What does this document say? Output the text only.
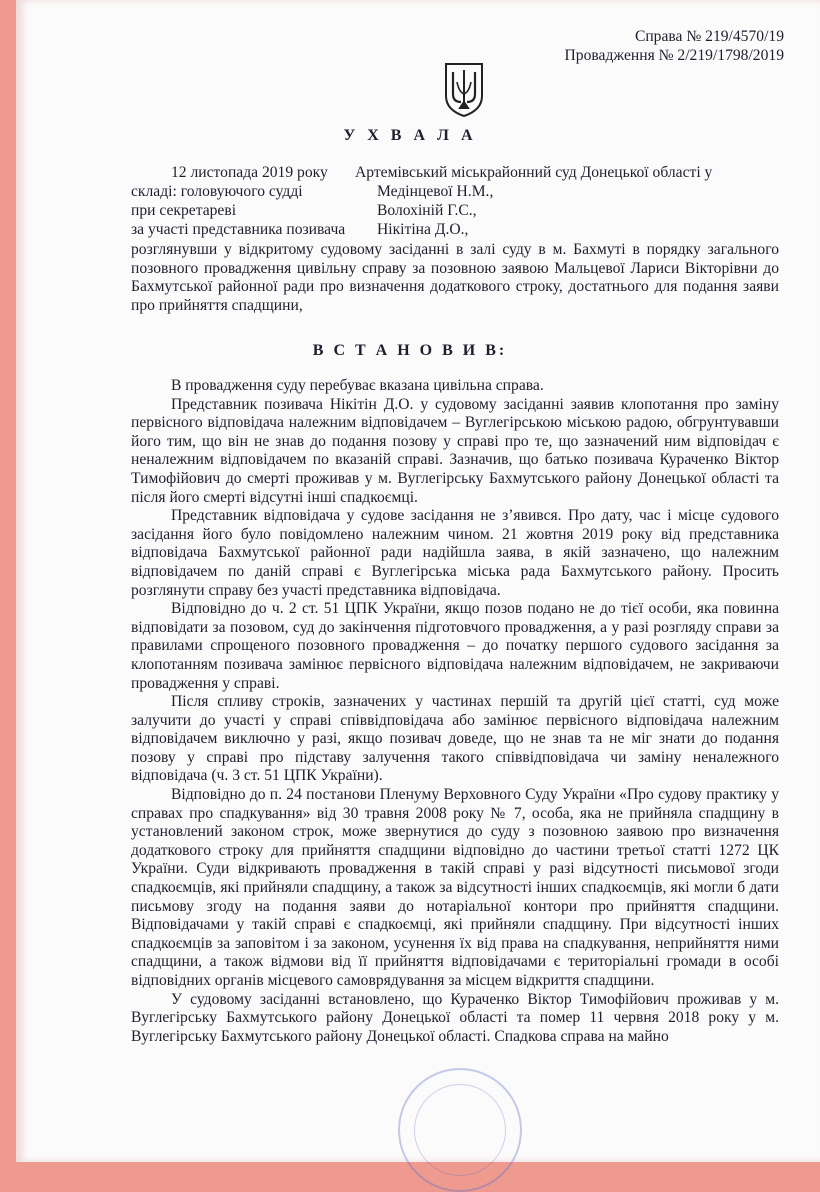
Справа № 219/4570/19
Провадження № 2/219/1798/2019
У Х В А Л А
12 листопада 2019 року Артемівський міськрайонний суд Донецької області у
складі: головуючого судді	Медінцевої Н.М.,
при секретареві	Волохіній Г.С.,
за участі представника позивача Нікітіна Д.О.,
розглянувши у відкритому судовому засіданні в залі суду в м. Бахмуті в порядку загального позовного провадження цивільну справу за позовною заявою Мальцевої Лариси Вікторівни до Бахмутської районної ради про визначення додаткового строку, достатнього для подання заяви про прийняття спадщини,
В С Т А Н О В И В:

В провадження суду перебуває вказана цивільна справа.

Представник позивача Нікітін Д.О. у судовому засіданні заявив клопотання про заміну первісного відповідача належним відповідачем – Вуглегірською міською радою, обгрунтувавши його тим, що він не знав до подання позову у справі про те, що зазначений ним відповідач є неналежним відповідачем по вказаній справі. Зазначив, що батько позивача Кураченко Віктор Тимофійович до смерті проживав у м. Вуглегірську Бахмутського району Донецької області та після його смерті відсутні інші спадкоємці.

Представник відповідача у судове засідання не з’явився. Про дату, час і місце судового засідання його було повідомлено належним чином. 21 жовтня 2019 року від представника відповідача Бахмутської районної ради надійшла заява, в якій зазначено, що належним відповідачем по даній справі є Вуглегірська міська рада Бахмутського району. Просить розглянути справу без участі представника відповідача.

Відповідно до ч. 2 ст. 51 ЦПК України, якщо позов подано не до тієї особи, яка повинна відповідати за позовом, суд до закінчення підготовчого провадження, а у разі розгляду справи за правилами спрощеного позовного провадження – до початку першого судового засідання за клопотанням позивача замінює первісного відповідача належним відповідачем, не закриваючи провадження у справі.

Після спливу строків, зазначених у частинах першій та другій цієї статті, суд може залучити до участі у справі співвідповідача або замінює первісного відповідача належним відповідачем виключно у разі, якщо позивач доведе, що не знав та не міг знати до подання позову у справі про підставу залучення такого співвідповідача чи заміну неналежного відповідача (ч. 3 ст. 51 ЦПК України).

Відповідно до п. 24 постанови Пленуму Верховного Суду України «Про судову практику у справах про спадкування» від 30 травня 2008 року № 7, особа, яка не прийняла спадщину в установлений законом строк, може звернутися до суду з позовною заявою про визначення додаткового строку для прийняття спадщини відповідно до частини третьої статті 1272 ЦК України. Суди відкривають провадження в такій справі у разі відсутності письмової згоди спадкоємців, які прийняли спадщину, а також за відсутності інших спадкоємців, які могли б дати письмову згоду на подання заяви до нотаріальної контори про прийняття спадщини. Відповідачами у такій справі є спадкоємці, які прийняли спадщину. При відсутності інших спадкоємців за заповітом і за законом, усунення їх від права на спадкування, неприйняття ними спадщини, а також відмови від її прийняття відповідачами є територіальні громади в особі відповідних органів місцевого самоврядування за місцем відкриття спадщини.

У судовому засіданні встановлено, що Кураченко Віктор Тимофійович проживав у м. Вуглегірську Бахмутського району Донецької області та помер 11 червня 2018 року у м. Вуглегірську Бахмутського району Донецької області. Спадкова справа на майно
